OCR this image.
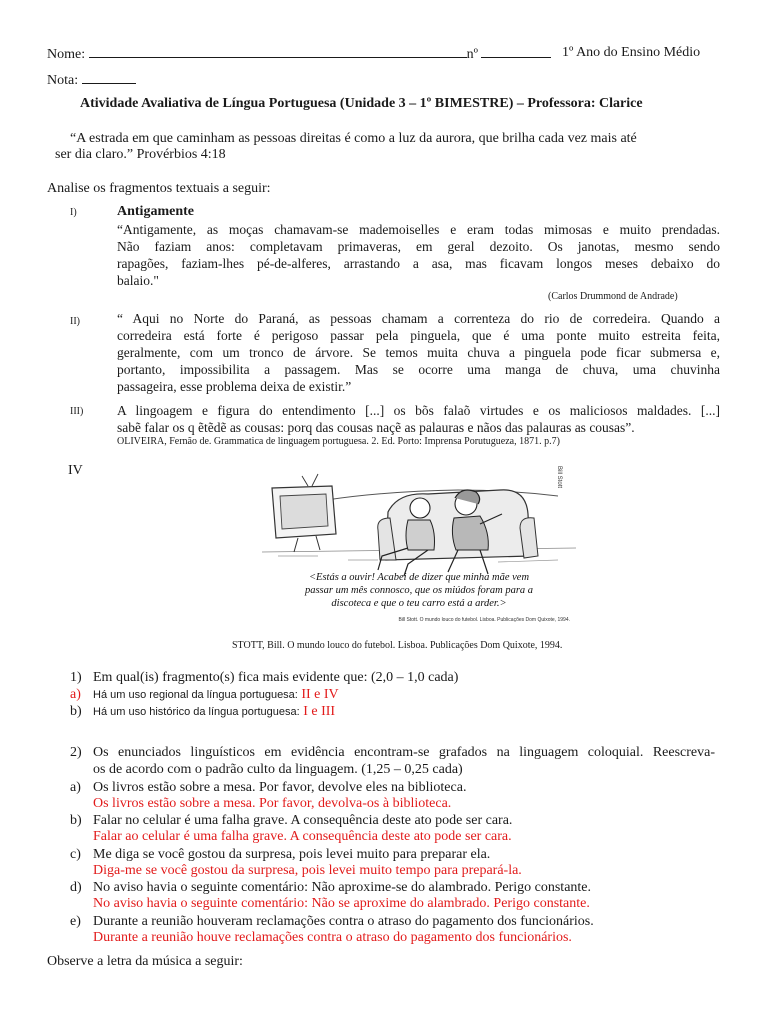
Nome:	nº	1º Ano do Ensino Médio
Nota:
Atividade Avaliativa de Língua Portuguesa (Unidade 3 – 1º BIMESTRE) – Professora: Clarice
“A estrada em que caminham as pessoas direitas é como a luz da aurora, que brilha cada vez mais até
ser dia claro.” Provérbios 4:18
Analise os fragmentos textuais a seguir:
I)	Antigamente
“Antigamente, as moças chamavam-se mademoiselles e eram todas mimosas e muito prendadas.
Não faziam anos: completavam primaveras, em geral dezoito. Os janotas, mesmo sendo
rapagões, faziam-lhes pé-de-alferes, arrastando a asa, mas ficavam longos meses debaixo do
balaio."
(Carlos Drummond de Andrade)
II)	“ Aqui no Norte do Paraná, as pessoas chamam a correnteza do rio de corredeira. Quando a
corredeira está forte é perigoso passar pela pinguela, que é uma ponte muito estreita feita,
geralmente, com um tronco de árvore. Se temos muita chuva a pinguela pode ficar submersa e,
portanto, impossibilita a passagem. Mas se ocorre uma manga de chuva, uma chuvinha
passageira, esse problema deixa de existir.”
III) A lingoagem e figura do entendimento [...] os bõs falaõ virtudes e os maliciosos maldades. [...]
sabẽ falar os q ẽtẽdẽ as cousas: porq das cousas naçẽ as palauras e nãos das palauras as cousas”.
OLIVEIRA, Fernão de. Grammatica de linguagem portuguesa. 2. Ed. Porto: Imprensa Porutugueza, 1871. p.7)
IV	Bill Stott
<Estás a ouvir! Acabei de dizer que minha mãe vem
passar um mês connosco, que os miúdos foram para a
discoteca e que o teu carro está a arder.>
Bill Stott. O mundo louco do futebol. Lisboa. Publicações Dom Quixote, 1994.
STOTT, Bill. O mundo louco do futebol. Lisboa. Publicações Dom Quixote, 1994.
1) Em qual(is) fragmento(s) fica mais evidente que: (2,0 – 1,0 cada)
a) Há um uso regional da língua portuguesa: II e IV
b) Há um uso histórico da língua portuguesa: I e III
2) Os enunciados linguísticos em evidência encontram-se grafados na linguagem coloquial. Reescreva-
os de acordo com o padrão culto da linguagem. (1,25 – 0,25 cada)
a) Os livros estão sobre a mesa. Por favor, devolve eles na biblioteca.
Os livros estão sobre a mesa. Por favor, devolva-os à biblioteca.
b) Falar no celular é uma falha grave. A consequência deste ato pode ser cara.
Falar ao celular é uma falha grave. A consequência deste ato pode ser cara.
c) Me diga se você gostou da surpresa, pois levei muito para preparar ela.
Diga-me se você gostou da surpresa, pois levei muito tempo para prepará-la.
d) No aviso havia o seguinte comentário: Não aproxime-se do alambrado. Perigo constante.
No aviso havia o seguinte comentário: Não se aproxime do alambrado. Perigo constante.
e) Durante a reunião houveram reclamações contra o atraso do pagamento dos funcionários.
Durante a reunião houve reclamações contra o atraso do pagamento dos funcionários.
Observe a letra da música a seguir:
